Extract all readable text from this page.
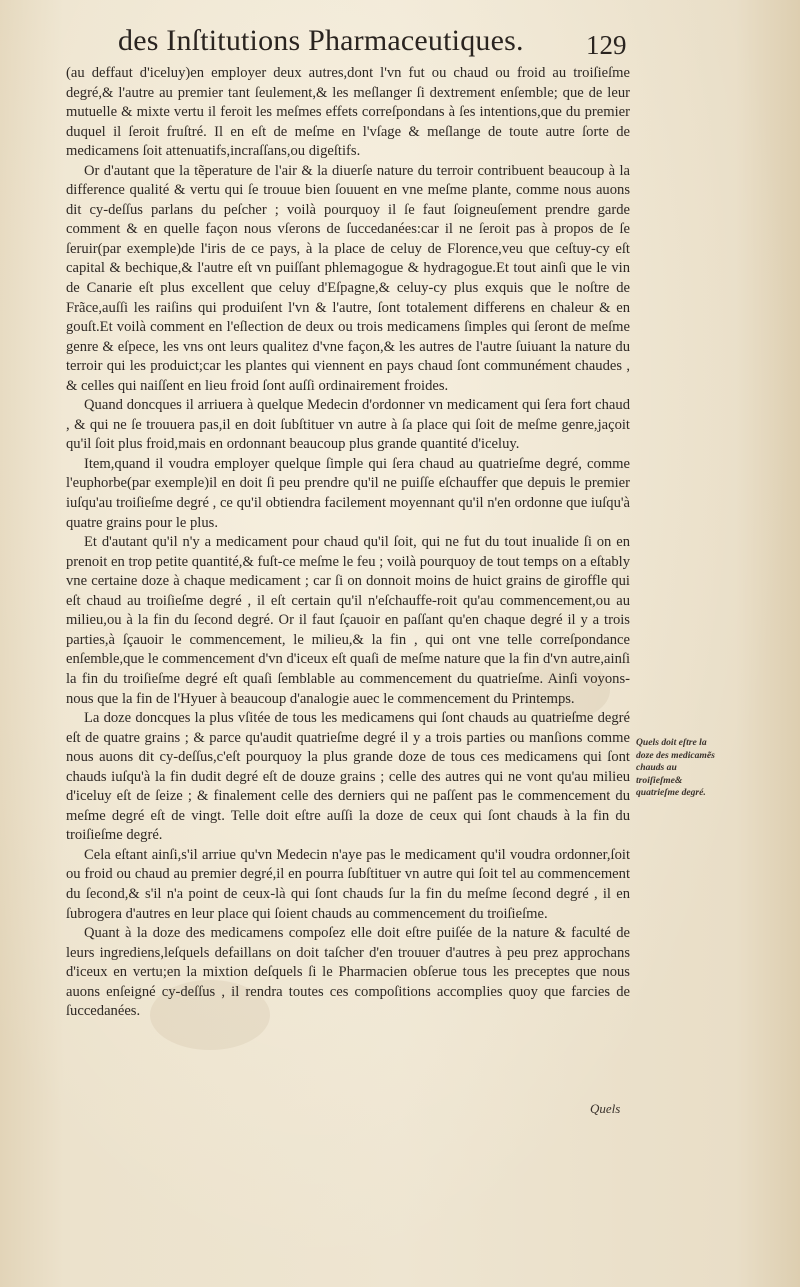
des Inſtitutions Pharmaceutiques.	129

(au deffaut d'iceluy)en employer deux autres,dont l'vn fut ou chaud ou froid au troiſieſme degré,& l'autre au premier tant ſeulement,& les meſlanger ſi dextrement enſemble; que de leur mutuelle & mixte vertu il feroit les meſmes effets correſpondans à ſes intentions,que du premier duquel il ſeroit fruſtré. Il en eſt de meſme en l'vſage & meſlange de toute autre ſorte de medicamens ſoit attenuatifs,incraſſans,ou digeſtifs.

Or d'autant que la tẽperature de l'air & la diuerſe nature du terroir contribuent beaucoup à la difference qualité & vertu qui ſe trouue bien ſouuent en vne meſme plante, comme nous auons dit cy-deſſus parlans du peſcher ; voilà pourquoy il ſe faut ſoigneuſement prendre garde comment & en quelle façon nous vſerons de ſuccedanées:car il ne ſeroit pas à propos de ſe ſeruir(par exemple)de l'iris de ce pays, à la place de celuy de Florence,veu que ceſtuy-cy eſt capital & bechique,& l'autre eſt vn puiſſant phlemagogue & hydragogue.Et tout ainſi que le vin de Canarie eſt plus excellent que celuy d'Eſpagne,& celuy-cy plus exquis que le noſtre de Frãce,auſſi les raiſins qui produiſent l'vn & l'autre, ſont totalement differens en chaleur & en gouſt.Et voilà comment en l'eſlection de deux ou trois medicamens ſimples qui ſeront de meſme genre & eſpece, les vns ont leurs qualitez d'vne façon,& les autres de l'autre ſuiuant la nature du terroir qui les produict;car les plantes qui viennent en pays chaud ſont communément chaudes , & celles qui naiſſent en lieu froid ſont auſſi ordinairement froides.

Quand doncques il arriuera à quelque Medecin d'ordonner vn medicament qui ſera fort chaud , & qui ne ſe trouuera pas,il en doit ſubſtituer vn autre à ſa place qui ſoit de meſme genre,jaçoit qu'il ſoit plus froid,mais en ordonnant beaucoup plus grande quantité d'iceluy.

Item,quand il voudra employer quelque ſimple qui ſera chaud au quatrieſme degré, comme l'euphorbe(par exemple)il en doit ſi peu prendre qu'il ne puiſſe eſchauffer que depuis le premier iuſqu'au troiſieſme degré , ce qu'il obtiendra facilement moyennant qu'il n'en ordonne que iuſqu'à quatre grains pour le plus.

Et d'autant qu'il n'y a medicament pour chaud qu'il ſoit, qui ne fut du tout inualide ſi on en prenoit en trop petite quantité,& fuſt-ce meſme le feu ; voilà pourquoy de tout temps on a eſtably vne certaine doze à chaque medicament ; car ſi on donnoit moins de huict grains de giroffle qui eſt chaud au troiſieſme degré , il eſt certain qu'il n'eſchauffe-roit qu'au commencement,ou au milieu,ou à la fin du ſecond degré. Or il faut ſçauoir en paſſant qu'en chaque degré il y a trois parties,à ſçauoir le commencement, le milieu,& la fin , qui ont vne telle correſpondance enſemble,que le commencement d'vn d'iceux eſt quaſi de meſme nature que la fin d'vn autre,ainſi la fin du troiſieſme degré eſt quaſi ſemblable au commencement du quatrieſme. Ainſi voyons-nous que la fin de l'Hyuer à beaucoup d'analogie auec le commencement du Printemps.

La doze doncques la plus vſitée de tous les medicamens qui ſont chauds au quatrieſme degré eſt de quatre grains ; & parce qu'audit quatrieſme degré il y a trois parties ou manſions comme nous auons dit cy-deſſus,c'eſt pourquoy la plus grande doze de tous ces medicamens qui ſont chauds iuſqu'à la fin dudit degré eſt de douze grains ; celle des autres qui ne vont qu'au milieu d'iceluy eſt de ſeize ; & finalement celle des derniers qui ne paſſent pas le commencement du meſme degré eſt de vingt. Telle doit eſtre auſſi la doze de ceux qui ſont chauds à la fin du troiſieſme degré.

Cela eſtant ainſi,s'il arriue qu'vn Medecin n'aye pas le medicament qu'il voudra ordonner,ſoit ou froid ou chaud au premier degré,il en pourra ſubſtituer vn autre qui ſoit tel au commencement du ſecond,& s'il n'a point de ceux-là qui ſont chauds ſur la fin du meſme ſecond degré , il en ſubrogera d'autres en leur place qui ſoient chauds au commencement du troiſieſme.

Quant à la doze des medicamens compoſez elle doit eſtre puiſée de la nature & faculté de leurs ingrediens,leſquels defaillans on doit taſcher d'en trouuer d'autres à peu prez approchans d'iceux en vertu;en la mixtion deſquels ſi le Pharmacien obſerue tous les preceptes que nous auons enſeigné cy-deſſus , il rendra toutes ces compoſitions accomplies quoy que farcies de ſuccedanées.

Quels doit eſtre la doze des medicamẽs chauds au troiſieſme& quatrieſme degré.
Quels
